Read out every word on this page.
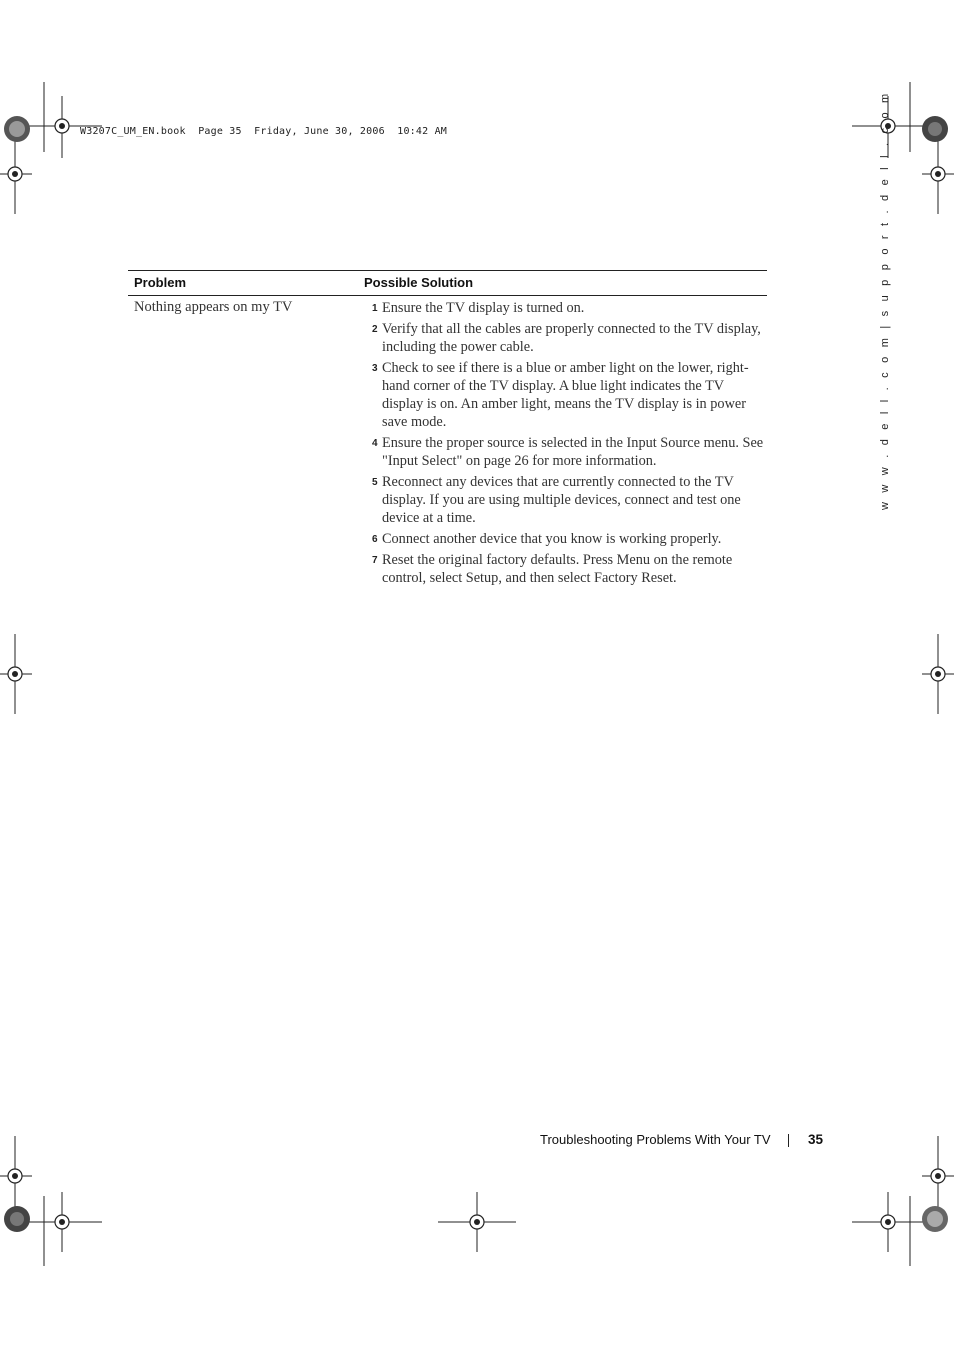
W3207C_UM_EN.book  Page 35  Friday, June 30, 2006  10:42 AM	w w w . d e l l . c o m | s u p p o r t . d e l l . c o m
Problem	Possible Solution
Nothing appears on my TV	1 Ensure the TV display is turned on.
2 Verify that all the cables are properly connected to the TV display, including the power cable.
3 Check to see if there is a blue or amber light on the lower, right-hand corner of the TV display. A blue light indicates the TV display is on. An amber light, means the TV display is in power save mode.
4 Ensure the proper source is selected in the Input Source menu. See "Input Select" on page 26 for more information.
5 Reconnect any devices that are currently connected to the TV display. If you are using multiple devices, connect and test one device at a time.
6 Connect another device that you know is working properly.
7 Reset the original factory defaults. Press Menu on the remote control, select Setup, and then select Factory Reset.
Troubleshooting Problems With Your TV	35
